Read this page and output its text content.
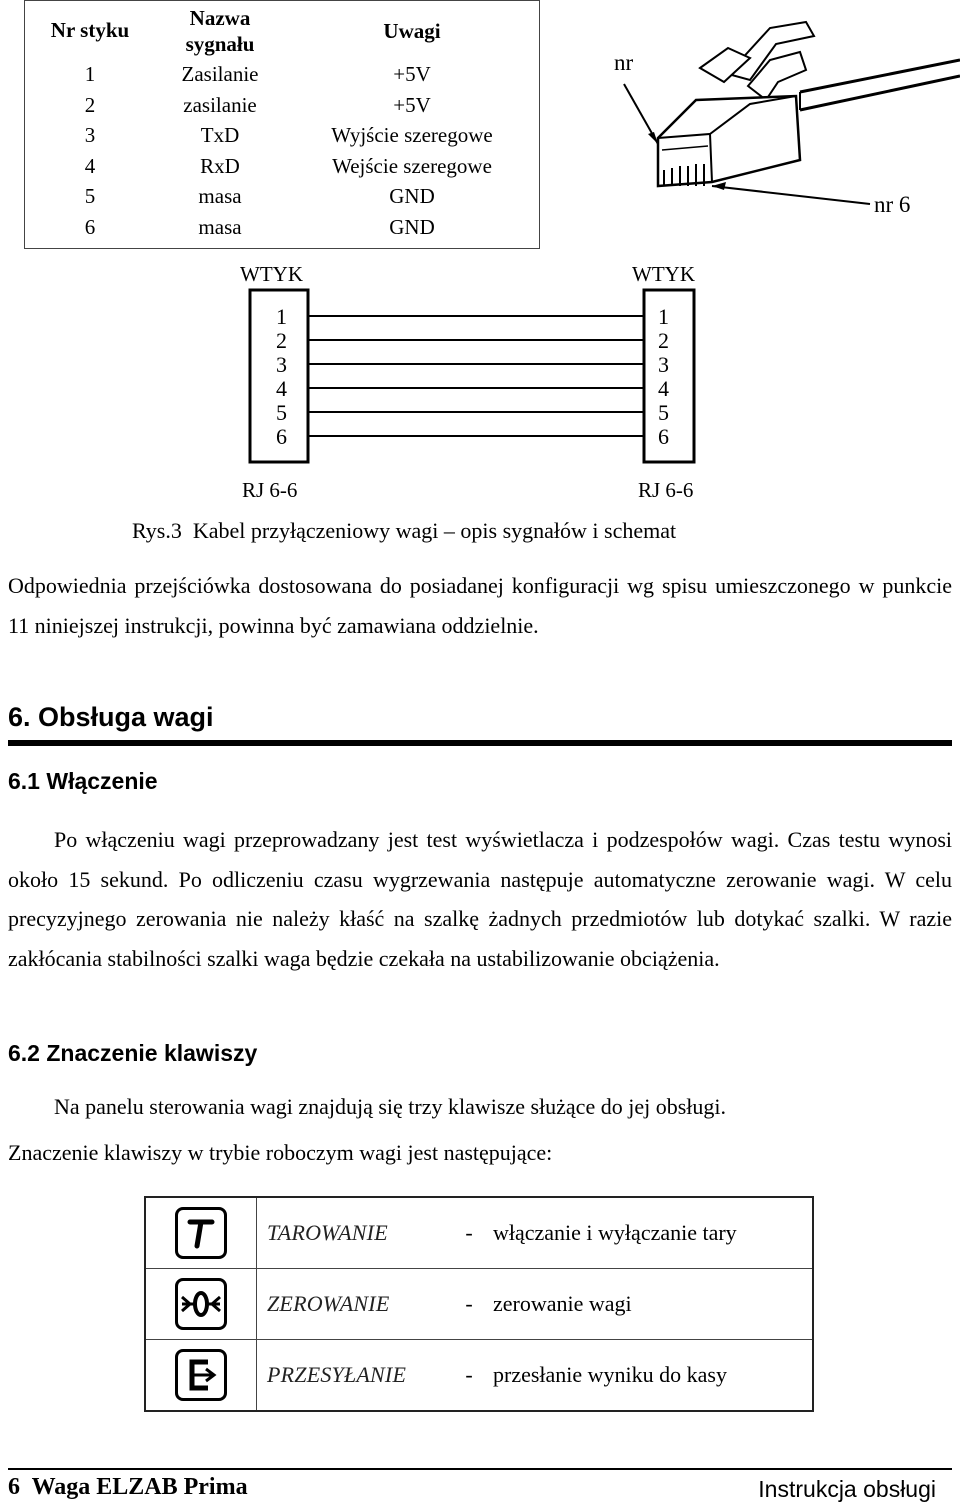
Nr styku	Nazwa sygnału	Uwagi
1	Zasilanie	+5V
2	zasilanie	+5V
3	TxD	Wyjście szeregowe
4	RxD	Wejście szeregowe
5	masa	GND
6	masa	GND
nr
nr 6
WTYK	WTYK
1
2
3
4
5
6
1
2
3
4
5
6
RJ 6-6	RJ 6-6
Rys.3  Kabel przyłączeniowy wagi – opis sygnałów i schemat
Odpowiednia przejściówka dostosowana do posiadanej konfiguracji wg spisu umieszczonego w punkcie 11 niniejszej instrukcji, powinna być zamawiana oddzielnie.
6. Obsługa wagi
6.1 Włączenie
Po włączeniu wagi przeprowadzany jest test wyświetlacza i podzespołów wagi. Czas testu wynosi około 15 sekund. Po odliczeniu czasu wygrzewania następuje automatyczne zerowanie wagi. W celu precyzyjnego zerowania nie należy kłaść na szalkę żadnych przedmiotów lub dotykać szalki. W razie zakłócania stabilności szalki waga będzie czekała na ustabilizowanie obciążenia.
6.2 Znaczenie klawiszy
Na panelu sterowania wagi znajdują się trzy klawisze służące do jej obsługi.
Znaczenie klawiszy w trybie roboczym wagi jest następujące:
	TAROWANIE	-	włączanie i wyłączanie tary
	ZEROWANIE	-	zerowanie wagi
	PRZESYŁANIE	-	przesłanie wyniku do kasy
6  Waga ELZAB Prima	Instrukcja obsługi
